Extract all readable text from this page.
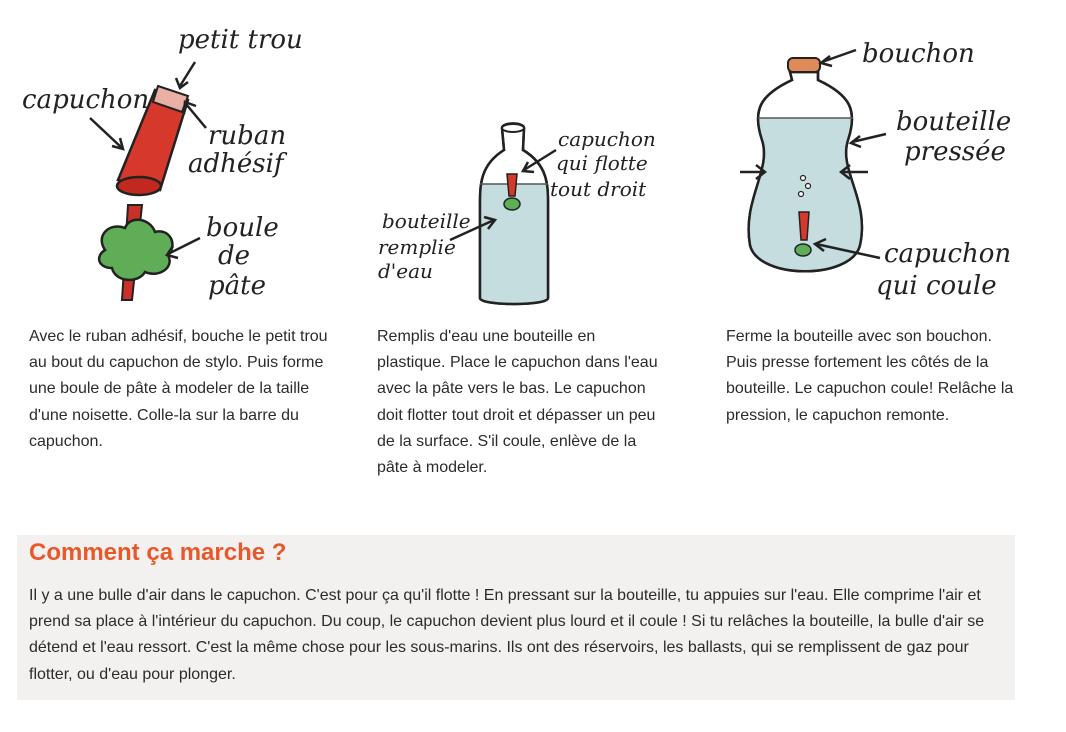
petit trou
capuchon
ruban
adhésif
boule
de
pâte
capuchon
qui flotte
tout droit
bouteille
remplie
d'eau
bouchon
bouteille
pressée
capuchon
qui coule
Avec le ruban adhésif, bouche le petit trou au bout du capuchon de stylo. Puis forme une boule de pâte à modeler de la taille d'une noisette. Colle-la sur la barre du capuchon.
Remplis d'eau une bouteille en plastique. Place le capuchon dans l'eau avec la pâte vers le bas. Le capuchon doit flotter tout droit et dépasser un peu de la surface. S'il coule, enlève de la pâte à modeler.
Ferme la bouteille avec son bouchon. Puis presse fortement les côtés de la bouteille. Le capuchon coule! Relâche la pression, le capuchon remonte.
Comment ça marche ?

Il y a une bulle d'air dans le capuchon. C'est pour ça qu'il flotte ! En pressant sur la bouteille, tu appuies sur l'eau. Elle comprime l'air et prend sa place à l'intérieur du capuchon. Du coup, le capuchon devient plus lourd et il coule ! Si tu relâches la bouteille, la bulle d'air se détend et l'eau ressort. C'est la même chose pour les sous-marins. Ils ont des réservoirs, les ballasts, qui se remplissent de gaz pour flotter, ou d'eau pour plonger.
